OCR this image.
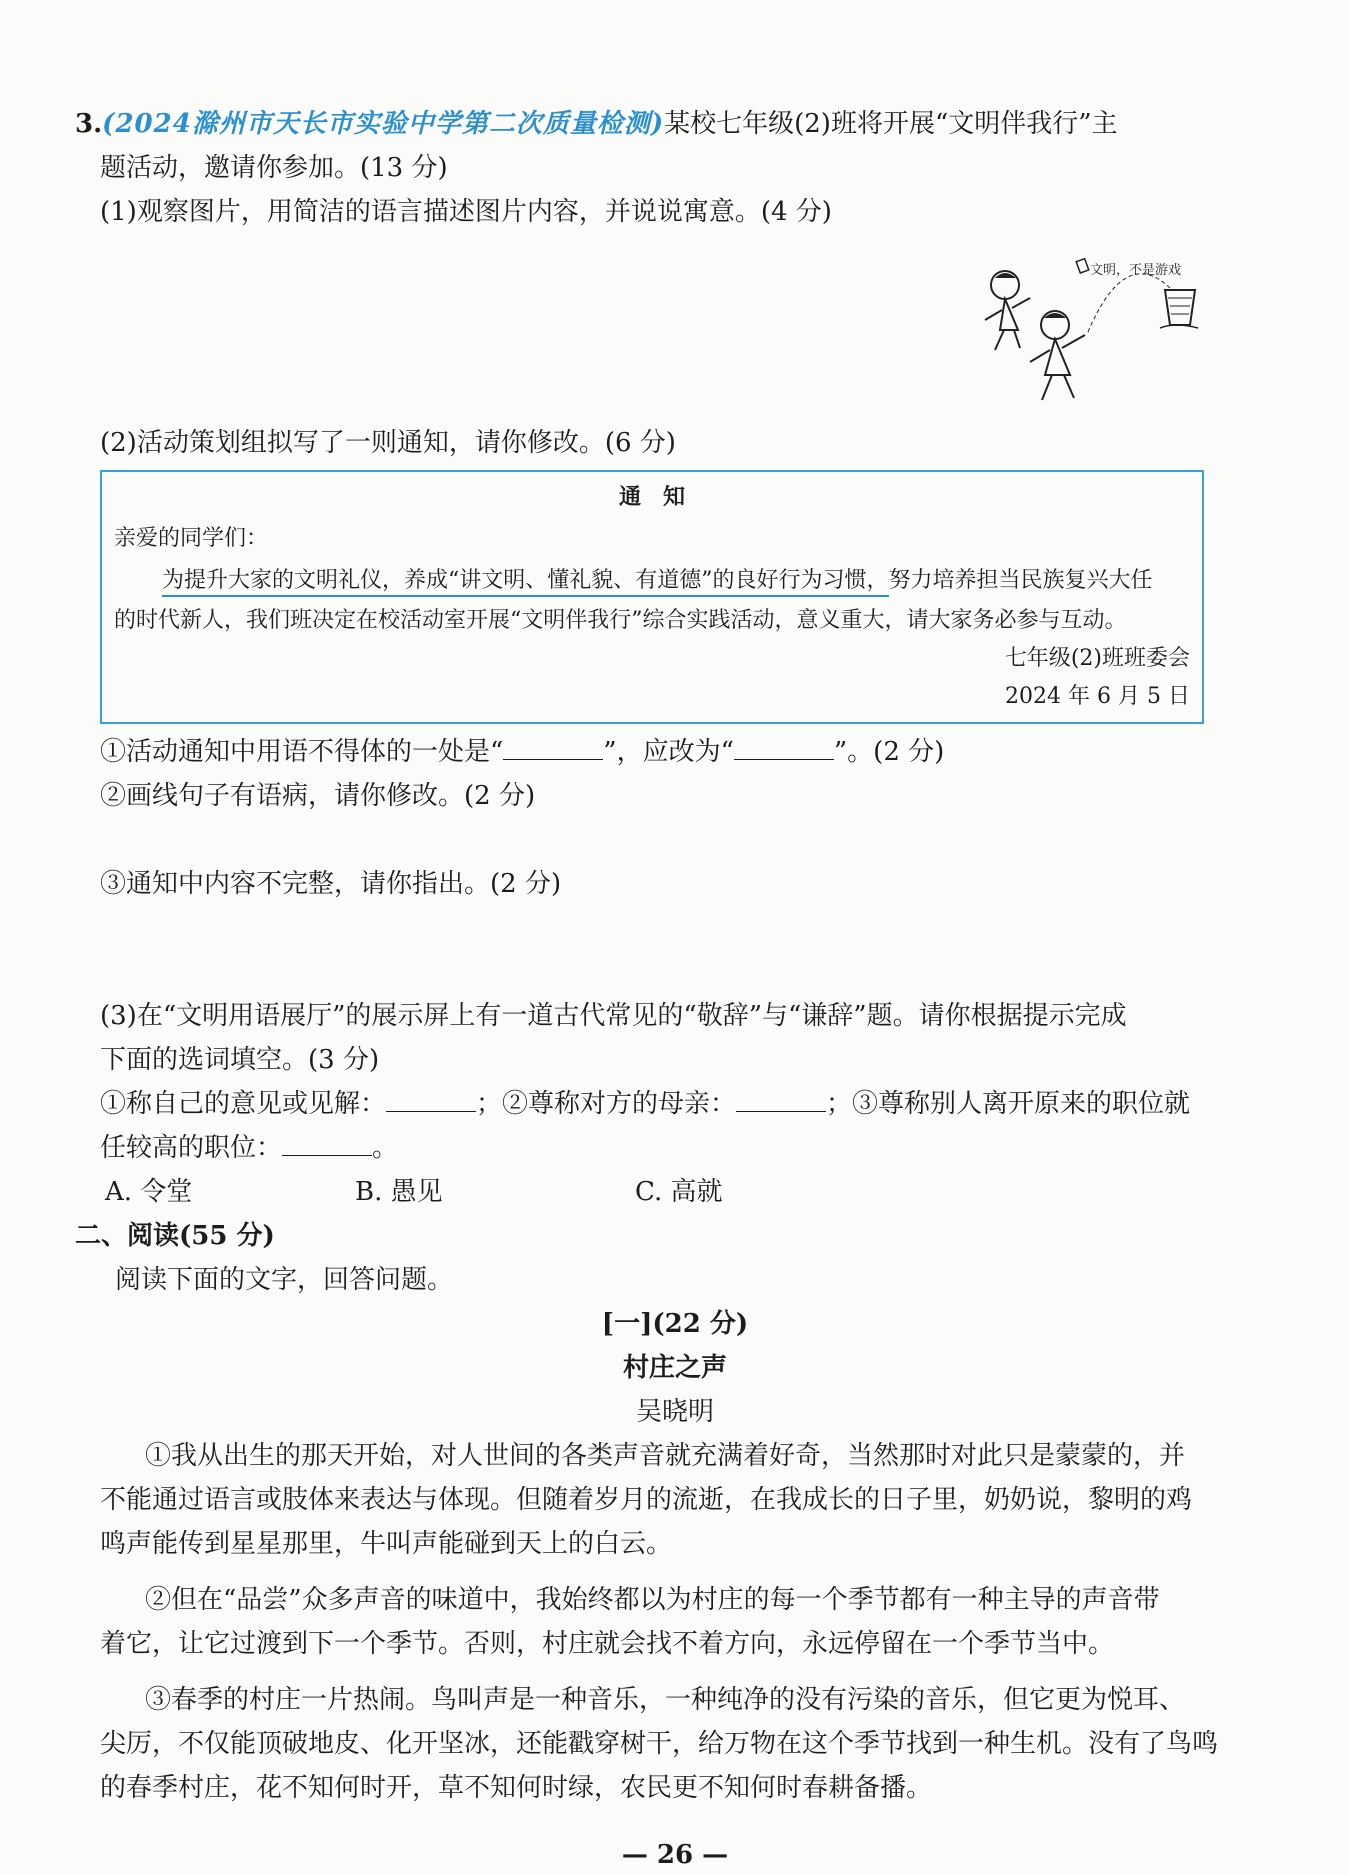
3.(2024滁州市天长市实验中学第二次质量检测)某校七年级(2)班将开展“文明伴我行”主
题活动，邀请你参加。(13 分)
(1)观察图片，用简洁的语言描述图片内容，并说说寓意。(4 分)
文明，不是游戏
(2)活动策划组拟写了一则通知，请你修改。(6 分)
通　知
亲爱的同学们：
为提升大家的文明礼仪，养成“讲文明、懂礼貌、有道德”的良好行为习惯，努力培养担当民族复兴大任
的时代新人，我们班决定在校活动室开展“文明伴我行”综合实践活动，意义重大，请大家务必参与互动。
七年级(2)班班委会
2024 年 6 月 5 日
①活动通知中用语不得体的一处是“	”，应改为“	”。(2 分)
②画线句子有语病，请你修改。(2 分)
③通知中内容不完整，请你指出。(2 分)
(3)在“文明用语展厅”的展示屏上有一道古代常见的“敬辞”与“谦辞”题。请你根据提示完成
下面的选词填空。(3 分)
①称自己的意见或见解：	；②尊称对方的母亲：	；③尊称别人离开原来的职位就
任较高的职位：	。
A. 令堂	B. 愚见	C. 高就
二、阅读(55 分)
阅读下面的文字，回答问题。
[一](22 分)
村庄之声
吴晓明
①我从出生的那天开始，对人世间的各类声音就充满着好奇，当然那时对此只是蒙蒙的，并
不能通过语言或肢体来表达与体现。但随着岁月的流逝，在我成长的日子里，奶奶说，黎明的鸡
鸣声能传到星星那里，牛叫声能碰到天上的白云。
②但在“品尝”众多声音的味道中，我始终都以为村庄的每一个季节都有一种主导的声音带
着它，让它过渡到下一个季节。否则，村庄就会找不着方向，永远停留在一个季节当中。
③春季的村庄一片热闹。鸟叫声是一种音乐，一种纯净的没有污染的音乐，但它更为悦耳、
尖厉，不仅能顶破地皮、化开坚冰，还能戳穿树干，给万物在这个季节找到一种生机。没有了鸟鸣
的春季村庄，花不知何时开，草不知何时绿，农民更不知何时春耕备播。
— 26 —
